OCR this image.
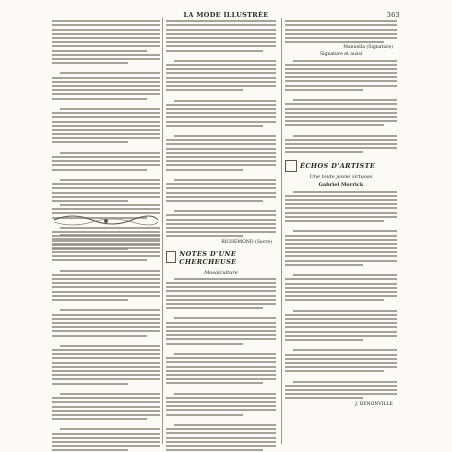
LA MODE ILLUSTRÉE	363
RICHEMOND (Sacre)
NOTES D'UNE CHERCHEUSE
Mosaïculture
Manuella (Signature)
Signature et aussi
ÉCHOS D'ARTISTE
Une toute jeune virtuose
Gabriel Merrick
J. DENONVILLE
